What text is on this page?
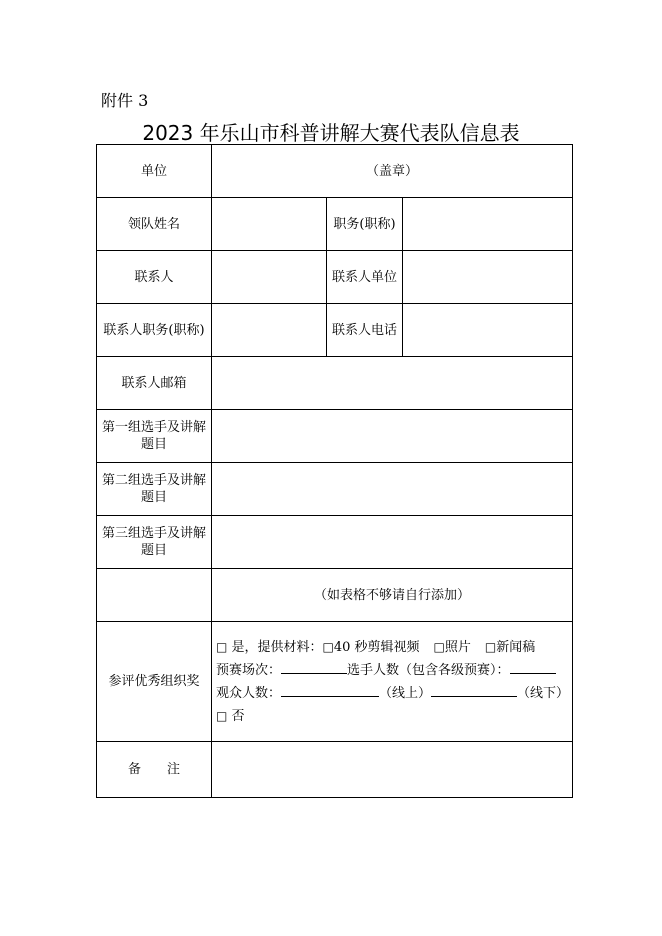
附件 3
2023 年乐山市科普讲解大赛代表队信息表
单位	（盖章）		
领队姓名		职务(职称)	
联系人		联系人单位	
联系人职务(职称)		联系人电话	
联系人邮箱			
第一组选手及讲解题目			
第二组选手及讲解题目			
第三组选手及讲解题目			
	（如表格不够请自行添加）		
参评优秀组织奖	□ 是，提供材料：□40 秒剪辑视频 □照片 □新闻稿
预赛场次： 选手人数（包含各级预赛）：
观众人数： （线上） （线下）
□ 否		

备　　注			
